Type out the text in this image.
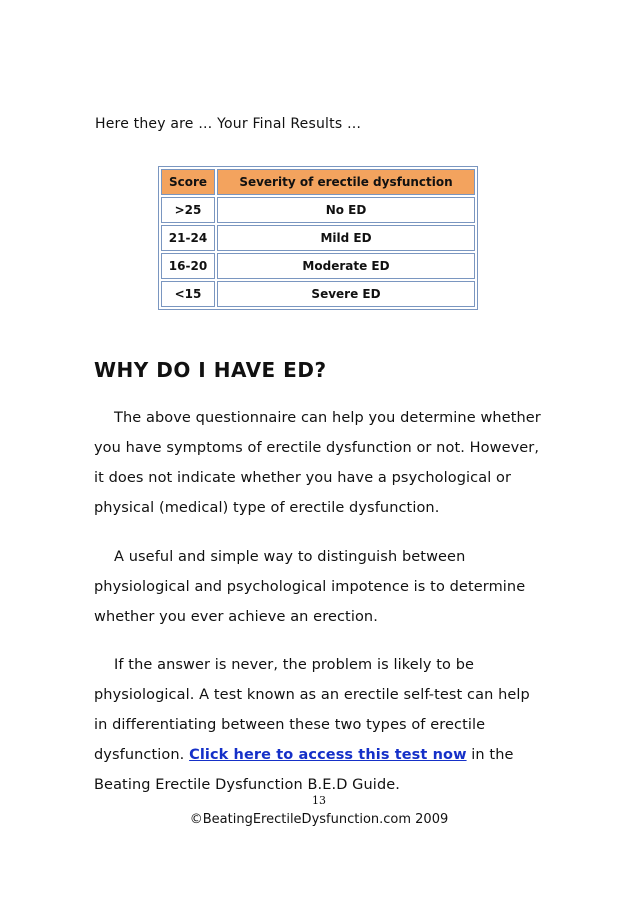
Here they are … Your Final Results …
Score	Severity of erectile dysfunction
>25	No ED
21-24	Mild ED
16-20	Moderate ED
<15	Severe ED
WHY DO I HAVE ED?
The above questionnaire can help you determine whether
you have symptoms of erectile dysfunction or not. However,
it does not indicate whether you have a psychological or
physical (medical) type of erectile dysfunction.
A useful and simple way to distinguish between
physiological and psychological impotence is to determine
whether you ever achieve an erection.
If the answer is never, the problem is likely to be
physiological. A test known as an erectile self-test can help
in differentiating between these two types of erectile
dysfunction. Click here to access this test now in the
Beating Erectile Dysfunction B.E.D Guide.
13
©BeatingErectileDysfunction.com 2009
